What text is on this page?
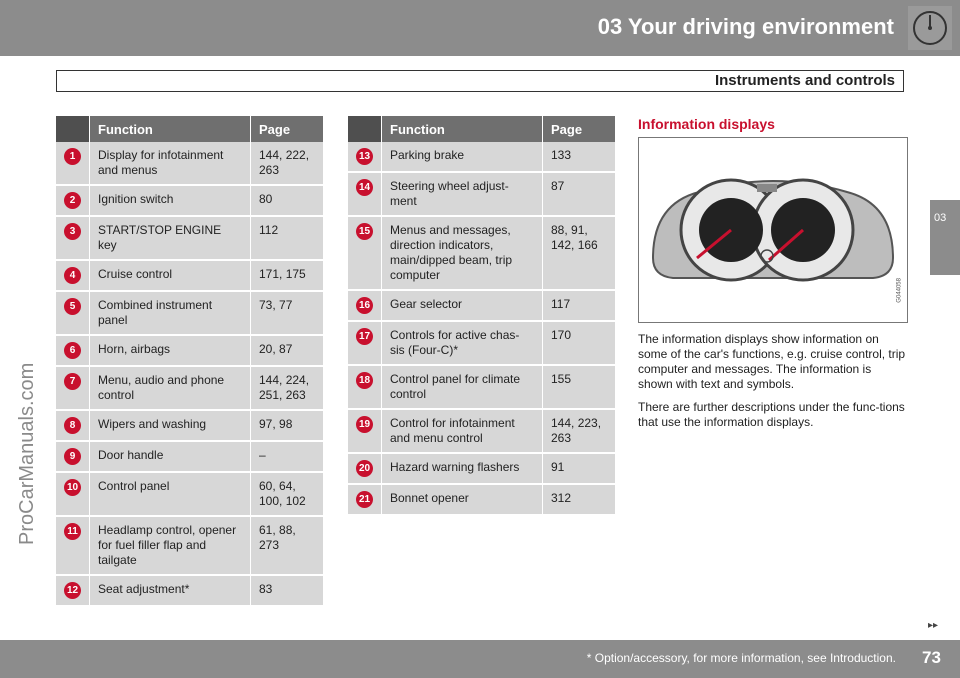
03 Your driving environment
Instruments and controls
03
ProCarManuals.com
	Function	Page
1	Display for infotainment and menus	144, 222, 263
2	Ignition switch	80
3	START/STOP ENGINE key	112
4	Cruise control	171, 175
5	Combined instrument panel	73, 77
6	Horn, airbags	20, 87
7	Menu, audio and phone control	144, 224, 251, 263
8	Wipers and washing	97, 98
9	Door handle	–
10	Control panel	60, 64, 100, 102
11	Headlamp control, opener for fuel filler flap and tailgate	61, 88, 273
12	Seat adjustment*	83
	Function	Page
13	Parking brake	133
14	Steering wheel adjust-ment	87
15	Menus and messages, direction indicators, main/dipped beam, trip computer	88, 91, 142, 166
16	Gear selector	117
17	Controls for active chas-sis (Four-C)*	170
18	Control panel for climate control	155
19	Control for infotainment and menu control	144, 223, 263
20	Hazard warning flashers	91
21	Bonnet opener	312
Information displays
G044058

The information displays show information on some of the car's functions, e.g. cruise control, trip computer and messages. The information is shown with text and symbols.

There are further descriptions under the func-tions that use the information displays.

▸▸
* Option/accessory, for more information, see Introduction. 73
